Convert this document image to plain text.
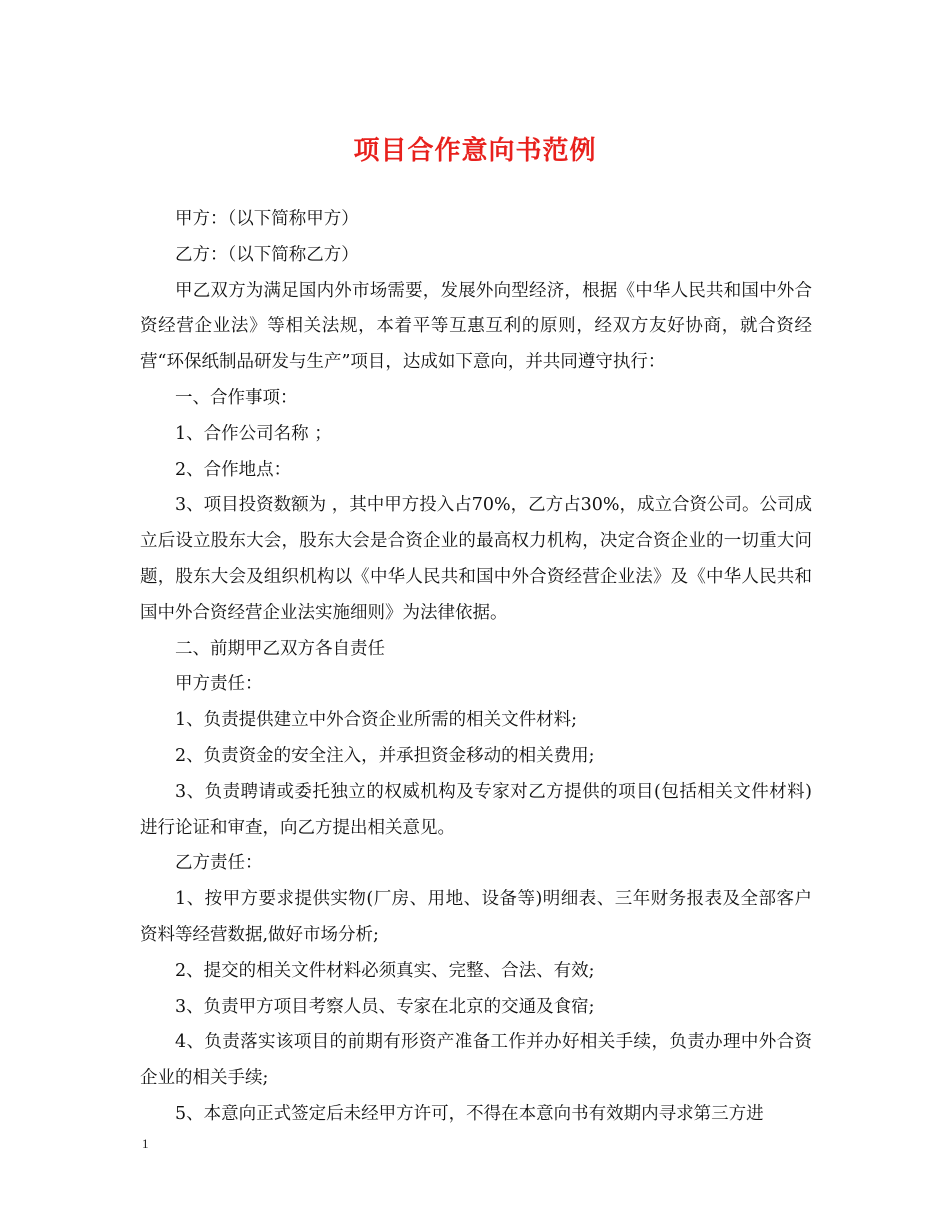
项目合作意向书范例

甲方：（以下简称甲方）

乙方：（以下简称乙方）

甲乙双方为满足国内外市场需要，发展外向型经济，根据《中华人民共和国中外合资经营企业法》等相关法规，本着平等互惠互利的原则，经双方友好协商，就合资经营“环保纸制品研发与生产”项目，达成如下意向，并共同遵守执行：

一、合作事项：

1、合作公司名称 ；

2、合作地点：

3、项目投资数额为 ，其中甲方投入占70%，乙方占30%，成立合资公司。公司成立后设立股东大会，股东大会是合资企业的最高权力机构，决定合资企业的一切重大问题，股东大会及组织机构以《中华人民共和国中外合资经营企业法》及《中华人民共和国中外合资经营企业法实施细则》为法律依据。

二、前期甲乙双方各自责任

甲方责任：

1、负责提供建立中外合资企业所需的相关文件材料;

2、负责资金的安全注入，并承担资金移动的相关费用;

3、负责聘请或委托独立的权威机构及专家对乙方提供的项目(包括相关文件材料)进行论证和审查，向乙方提出相关意见。

乙方责任：

1、按甲方要求提供实物(厂房、用地、设备等)明细表、三年财务报表及全部客户资料等经营数据,做好市场分析;

2、提交的相关文件材料必须真实、完整、合法、有效;

3、负责甲方项目考察人员、专家在北京的交通及食宿;

4、负责落实该项目的前期有形资产准备工作并办好相关手续，负责办理中外合资企业的相关手续;

5、本意向正式签定后未经甲方许可，不得在本意向书有效期内寻求第三方进

1
